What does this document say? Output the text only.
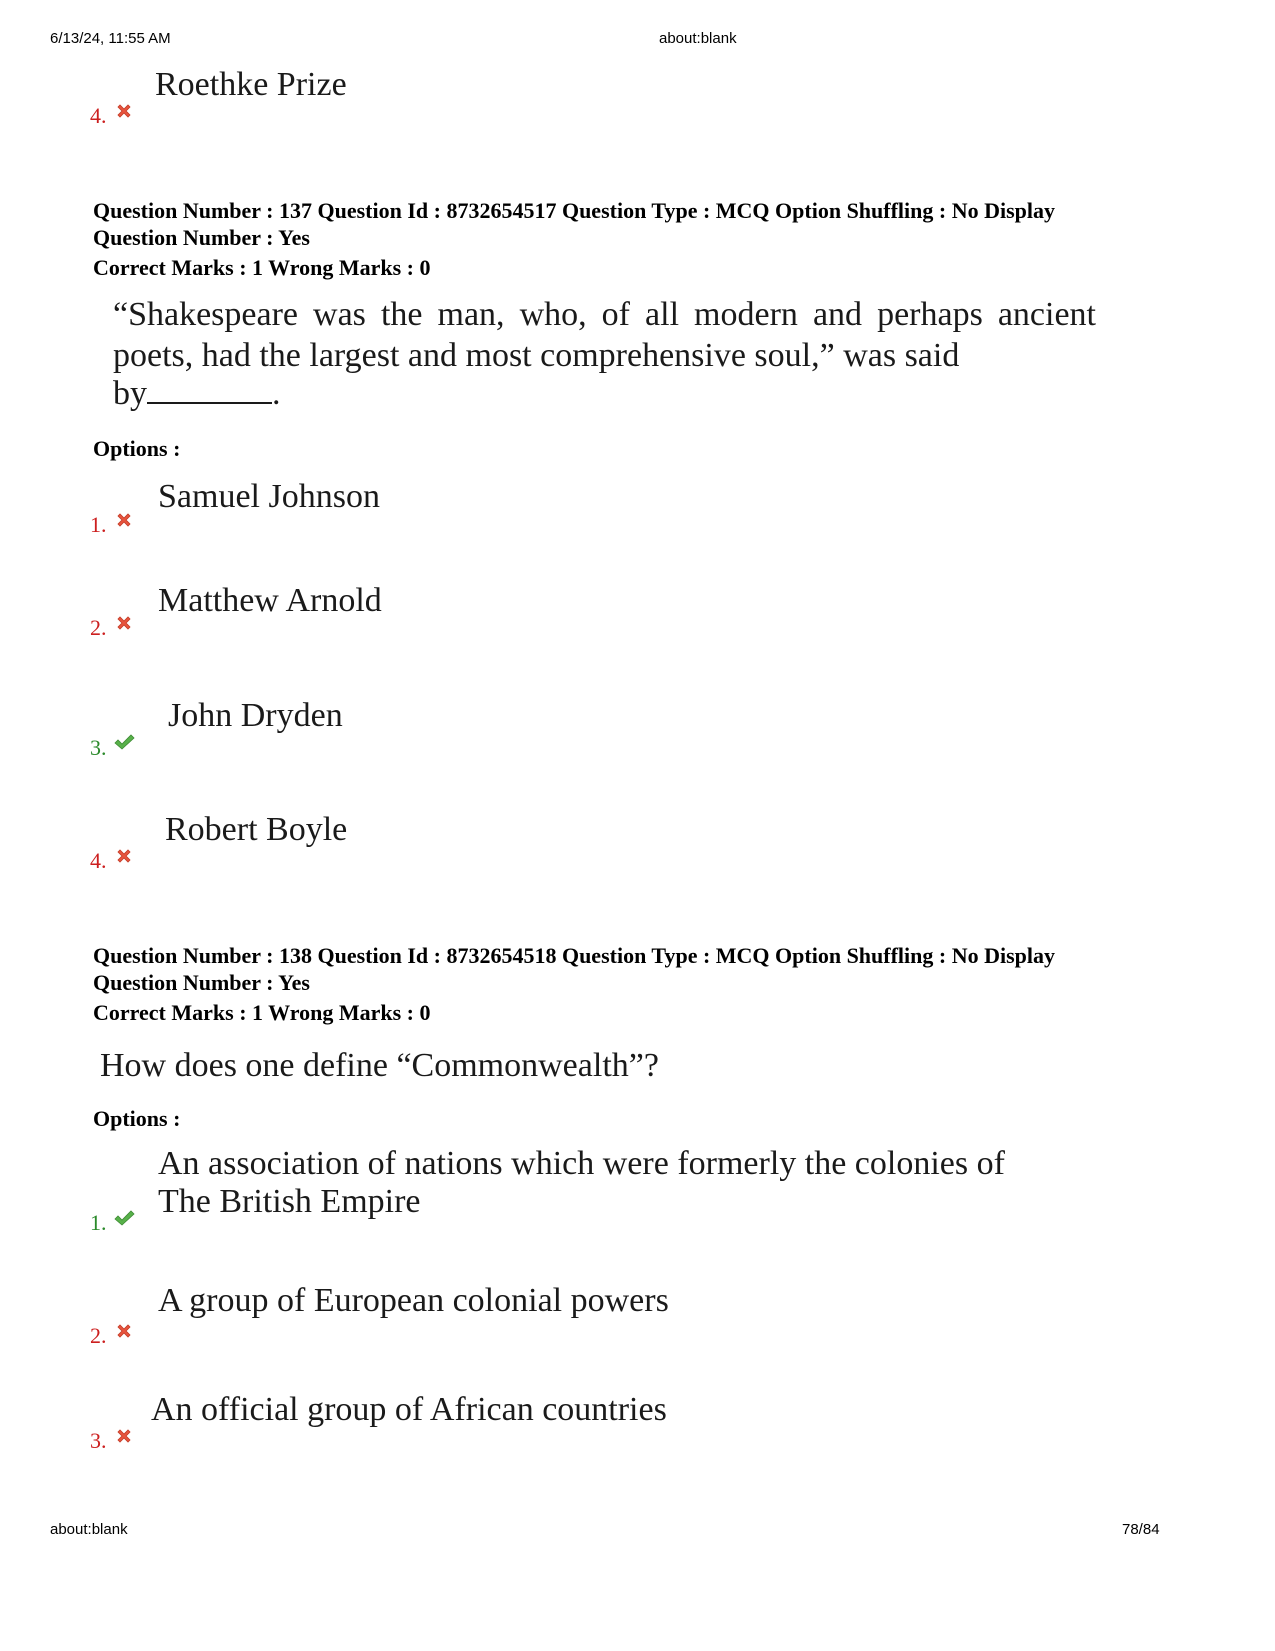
6/13/24, 11:55 AM	about:blank
Roethke Prize
4.
Question Number : 137 Question Id : 8732654517 Question Type : MCQ Option Shuffling : No Display
Question Number : Yes
Correct Marks : 1 Wrong Marks : 0
“Shakespeare was the man, who, of all modern and perhaps ancient poets, had the largest and most comprehensive soul,” was said
by	.
Options :
Samuel Johnson
1.
Matthew Arnold
2.
John Dryden
3.
Robert Boyle
4.
Question Number : 138 Question Id : 8732654518 Question Type : MCQ Option Shuffling : No Display
Question Number : Yes
Correct Marks : 1 Wrong Marks : 0
How does one define “Commonwealth”?
Options :
An association of nations which were formerly the colonies of
The British Empire
1.
A group of European colonial powers
2.
An official group of African countries
3.
about:blank	78/84
